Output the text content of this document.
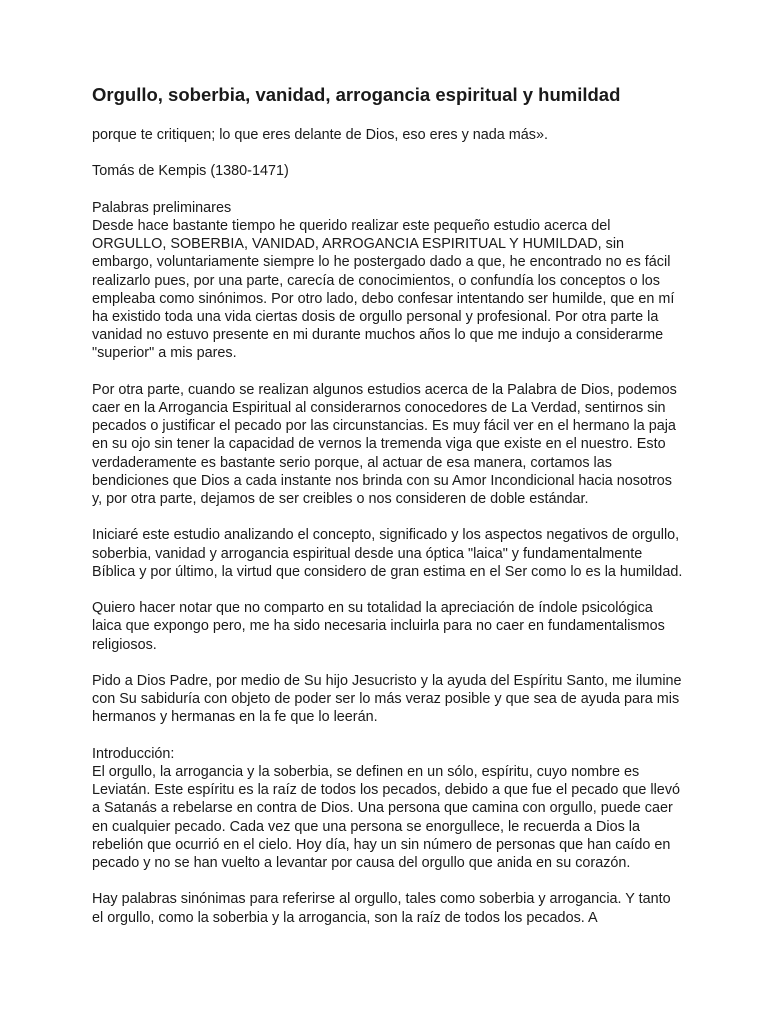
Orgullo, soberbia, vanidad, arrogancia espiritual y humildad
porque te critiquen; lo que eres delante de Dios, eso eres y nada más».
Tomás de Kempis (1380-1471)
Palabras preliminares
Desde hace bastante tiempo he querido realizar este pequeño estudio acerca del
ORGULLO, SOBERBIA, VANIDAD, ARROGANCIA ESPIRITUAL Y HUMILDAD, sin
embargo, voluntariamente siempre lo he postergado dado a que, he encontrado no es fácil
realizarlo pues, por una parte, carecía de conocimientos, o confundía los conceptos o los
empleaba como sinónimos. Por otro lado, debo confesar intentando ser humilde, que en mí
ha existido toda una vida ciertas dosis de orgullo personal y profesional. Por otra parte la
vanidad no estuvo presente en mi durante muchos años lo que me indujo a considerarme
"superior" a mis pares.
Por otra parte, cuando se realizan algunos estudios acerca de la Palabra de Dios, podemos
caer en la Arrogancia Espiritual al considerarnos conocedores de La Verdad, sentirnos sin
pecados o justificar el pecado por las circunstancias. Es muy fácil ver en el hermano la paja
en su ojo sin tener la capacidad de vernos la tremenda viga que existe en el nuestro. Esto
verdaderamente es bastante serio porque, al actuar de esa manera, cortamos las
bendiciones que Dios a cada instante nos brinda con su Amor Incondicional hacia nosotros
y, por otra parte, dejamos de ser creibles o nos consideren de doble estándar.
Iniciaré este estudio analizando el concepto, significado y los aspectos negativos de orgullo,
soberbia, vanidad y arrogancia espiritual desde una óptica "laica" y fundamentalmente
Bíblica y por último, la virtud que considero de gran estima en el Ser como lo es la humildad.
Quiero hacer notar que no comparto en su totalidad la apreciación de índole psicológica
laica que expongo pero, me ha sido necesaria incluirla para no caer en fundamentalismos
religiosos.
Pido a Dios Padre, por medio de Su hijo Jesucristo y la ayuda del Espíritu Santo, me ilumine
con Su sabiduría con objeto de poder ser lo más veraz posible y que sea de ayuda para mis
hermanos y hermanas en la fe que lo leerán.
Introducción:
El orgullo, la arrogancia y la soberbia, se definen en un sólo, espíritu, cuyo nombre es
Leviatán. Este espíritu es la raíz de todos los pecados, debido a que fue el pecado que llevó
a Satanás a rebelarse en contra de Dios. Una persona que camina con orgullo, puede caer
en cualquier pecado. Cada vez que una persona se enorgullece, le recuerda a Dios la
rebelión que ocurrió en el cielo. Hoy día, hay un sin número de personas que han caído en
pecado y no se han vuelto a levantar por causa del orgullo que anida en su corazón.
Hay palabras sinónimas para referirse al orgullo, tales como soberbia y arrogancia. Y tanto
el orgullo, como la soberbia y la arrogancia, son la raíz de todos los pecados. A
